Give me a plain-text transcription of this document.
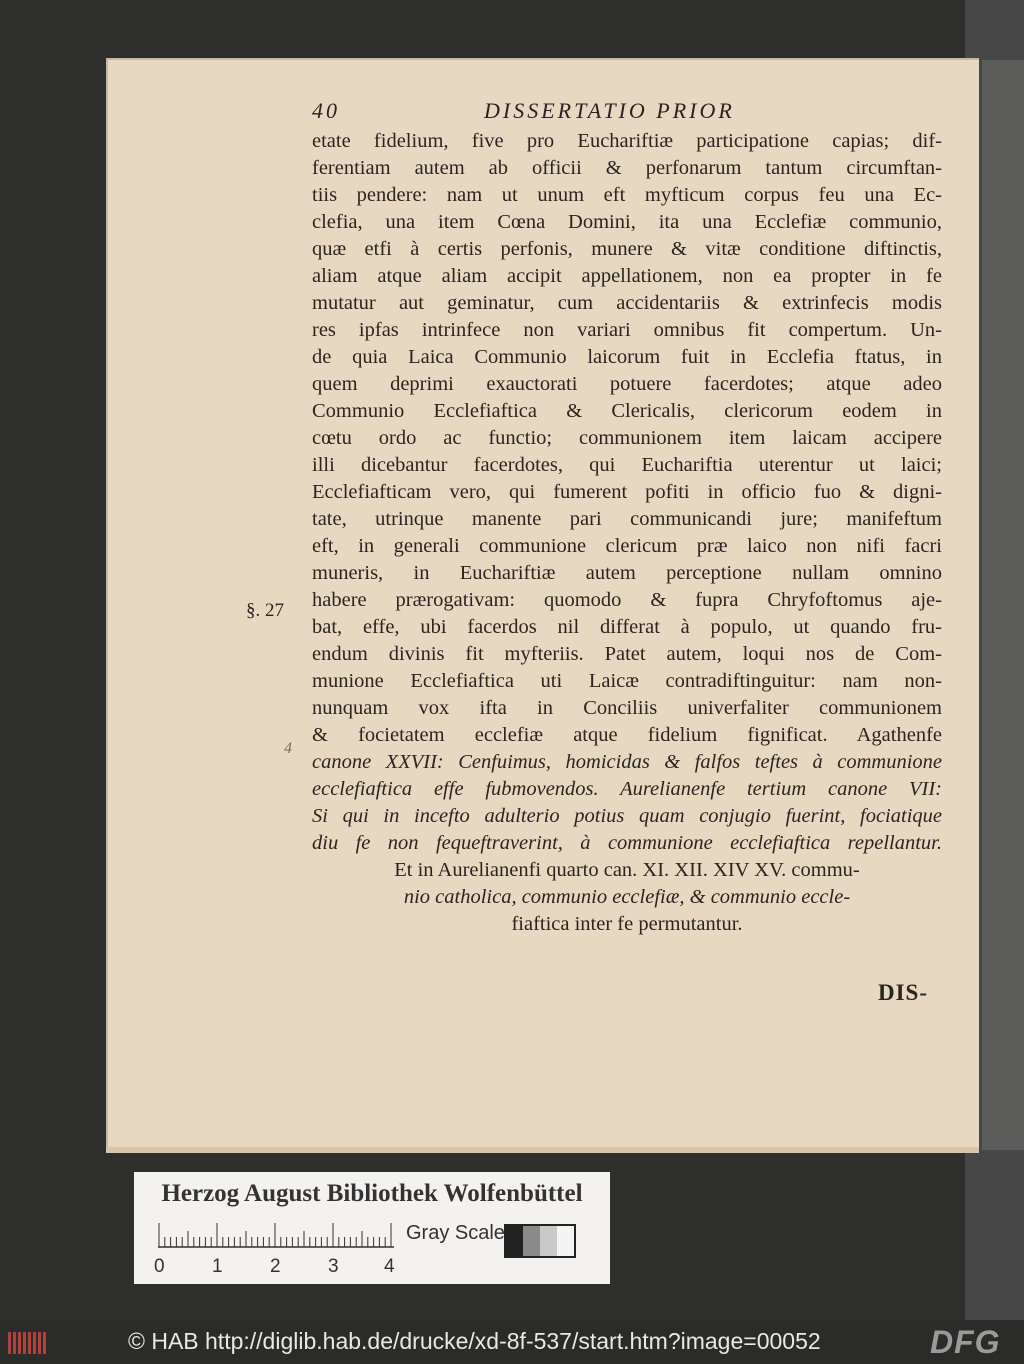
40	DISSERTATIO PRIOR
etate fidelium, five pro Euchariftiæ participatione capias; dif-
ferentiam autem ab officii & perfonarum tantum circumftan-
tiis pendere: nam ut unum eft myfticum corpus feu una Ec-
clefia, una item Cœna Domini, ita una Ecclefiæ communio,
quæ etfi à certis perfonis, munere & vitæ conditione diftinctis,
aliam atque aliam accipit appellationem, non ea propter in fe
mutatur aut geminatur, cum accidentariis & extrinfecis modis
res ipfas intrinfece non variari omnibus fit compertum. Un-
de quia Laica Communio laicorum fuit in Ecclefia ftatus, in
quem deprimi exauctorati potuere facerdotes; atque adeo
Communio Ecclefiaftica & Clericalis, clericorum eodem in
cœtu ordo ac functio; communionem item laicam accipere
illi dicebantur facerdotes, qui Euchariftia uterentur ut laici;
Ecclefiafticam vero, qui fumerent pofiti in officio fuo & digni-
tate, utrinque manente pari communicandi jure; manifeftum
eft, in generali communione clericum præ laico non nifi facri
muneris, in Euchariftiæ autem perceptione nullam omnino
habere prærogativam: quomodo & fupra Chryfoftomus aje-
bat, effe, ubi facerdos nil differat à populo, ut quando fru-
endum divinis fit myfteriis. Patet autem, loqui nos de Com-
munione Ecclefiaftica uti Laicæ contradiftinguitur: nam non-
nunquam vox ifta in Conciliis univerfaliter communionem
& focietatem ecclefiæ atque fidelium fignificat. Agathenfe
canone XXVII: Cenfuimus, homicidas & falfos teftes à communione
ecclefiaftica effe fubmovendos. Aurelianenfe tertium canone VII:
Si qui in incefto adulterio potius quam conjugio fuerint, fociatique
diu fe non fequeftraverint, à communione ecclefiaftica repellantur.
Et in Aurelianenfi quarto can. XI. XII. XIV XV. commu-
nio catholica, communio ecclefiæ, & communio eccle-
fiaftica inter fe permutantur.
§. 27
4
DIS-
Herzog August Bibliothek Wolfenbüttel
0 1 2 3 4
Gray Scale
© HAB http://diglib.hab.de/drucke/xd-8f-537/start.htm?image=00052	DFG
